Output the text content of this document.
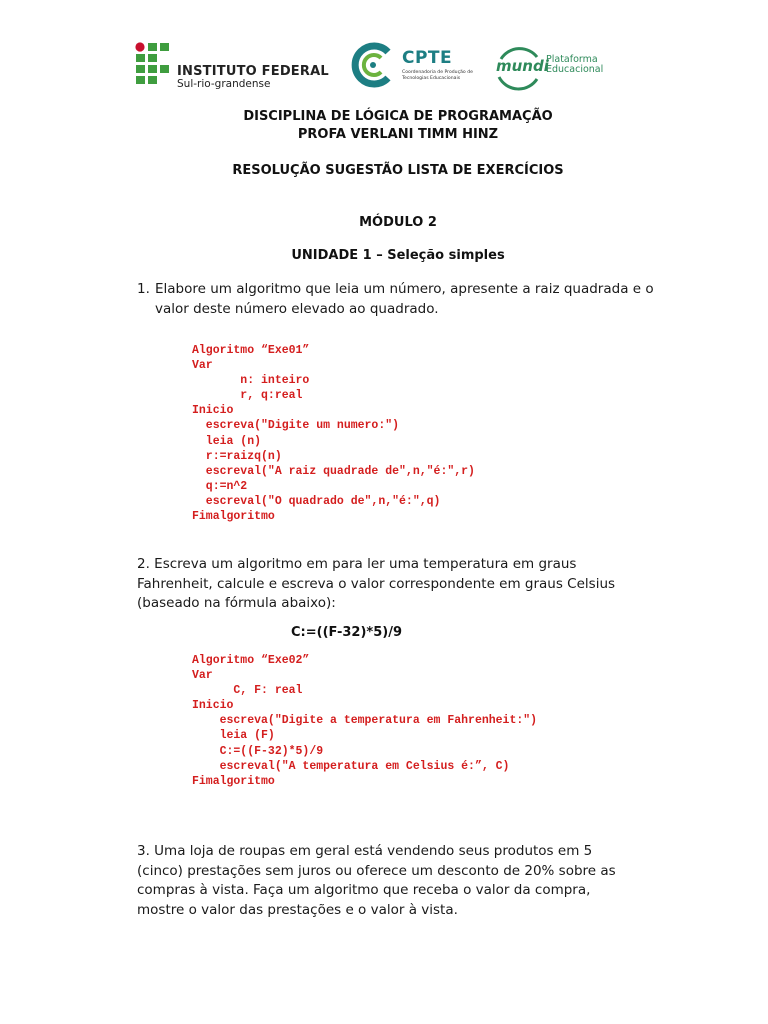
INSTITUTO FEDERAL
Sul-rio-grandense
CPTE
Coordenadoria de Produção de Tecnologias Educacionais
mundi
Plataforma
Educacional
DISCIPLINA DE LÓGICA DE PROGRAMAÇÃO
PROFA VERLANI TIMM HINZ
RESOLUÇÃO SUGESTÃO LISTA DE EXERCÍCIOS
MÓDULO 2
UNIDADE 1 – Seleção simples
1. Elabore um algoritmo que leia um número, apresente a raiz quadrada e o valor deste número elevado ao quadrado.
Algoritmo “Exe01”
Var
n: inteiro
r, q:real
Inicio
escreva("Digite um numero:")
leia (n)
r:=raizq(n)
escreval("A raiz quadrade de",n,"é:",r)
q:=n^2
escreval("O quadrado de",n,"é:",q)
Fimalgoritmo
2. Escreva um algoritmo em para ler uma temperatura em graus Fahrenheit, calcule e escreva o valor correspondente em graus Celsius (baseado na fórmula abaixo):
C:=((F-32)*5)/9
Algoritmo “Exe02”
Var
C, F: real
Inicio
escreva("Digite a temperatura em Fahrenheit:")
leia (F)
C:=((F-32)*5)/9
escreval("A temperatura em Celsius é:”, C)
Fimalgoritmo
3. Uma loja de roupas em geral está vendendo seus produtos em 5 (cinco) prestações sem juros ou oferece um desconto de 20% sobre as compras à vista. Faça um algoritmo que receba o valor da compra, mostre o valor das prestações e o valor à vista.
